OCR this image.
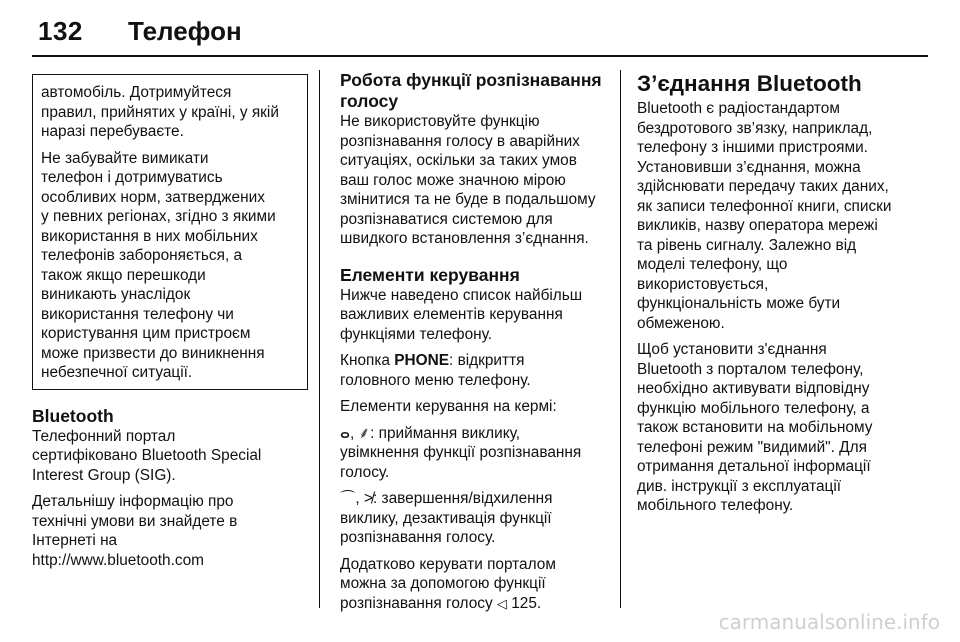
132 Телефон
автомобіль. Дотримуйтеся
правил, прийнятих у країні, у якій
наразі перебуваєте.
Не забувайте вимикати
телефон і дотримуватись
особливих норм, затверджених
у певних регіонах, згідно з якими
використання в них мобільних
телефонів забороняється, а
також якщо перешкоди
виникають унаслідок
використання телефону чи
користування цим пристроєм
може призвести до виникнення
небезпечної ситуації.
Bluetooth
Телефонний портал
сертифіковано Bluetooth Special
Interest Group (SIG).
Детальнішу інформацію про
технічні умови ви знайдете в
Інтернеті на
http://www.bluetooth.com
Робота функції розпізнавання
голосу
Не використовуйте функцію
розпізнавання голосу в аварійних
ситуаціях, оскільки за таких умов
ваш голос може значною мірою
змінитися та не буде в подальшому
розпізнаватися системою для
швидкого встановлення з’єднання.
Елементи керування
Нижче наведено список найбільш
важливих елементів керування
функціями телефону.
Кнопка PHONE: відкриття
головного меню телефону.
Елементи керування на кермі:
ⴰ, ⸙: приймання виклику,
увімкнення функції розпізнавання
голосу.
⌒, ≯: завершення/відхилення
виклику, дезактивація функції
розпізнавання голосу.
Додатково керувати порталом
можна за допомогою функції
розпізнавання голосу ◁ 125.
З’єднання Bluetooth
Bluetooth є радіостандартом
бездротового зв’язку, наприклад,
телефону з іншими пристроями.
Установивши з’єднання, можна
здійснювати передачу таких даних,
як записи телефонної книги, списки
викликів, назву оператора мережі
та рівень сигналу. Залежно від
моделі телефону, що
використовується,
функціональність може бути
обмеженою.
Щоб установити з'єднання
Bluetooth з порталом телефону,
необхідно активувати відповідну
функцію мобільного телефону, а
також встановити на мобільному
телефоні режим "видимий". Для
отримання детальної інформації
див. інструкції з експлуатації
мобільного телефону.
carmanualsonline.info
